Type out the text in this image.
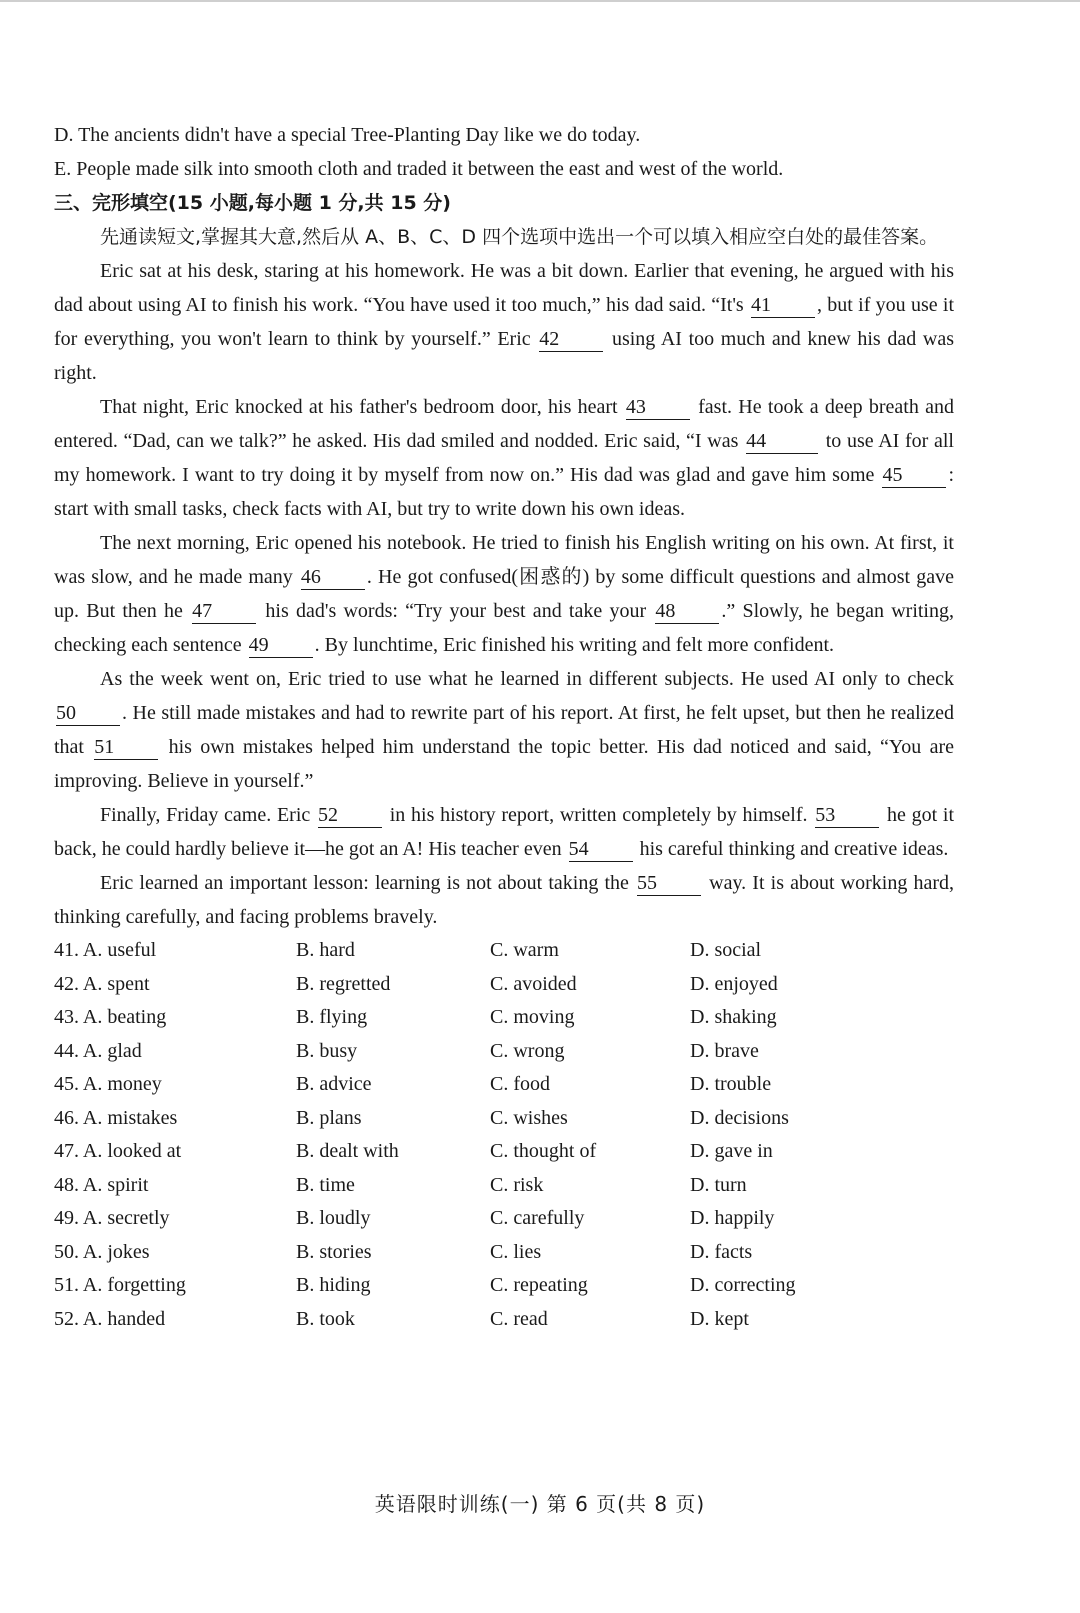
D. The ancients didn't have a special Tree-Planting Day like we do today.
E. People made silk into smooth cloth and traded it between the east and west of the world.
三、完形填空(15 小题,每小题 1 分,共 15 分)

先通读短文,掌握其大意,然后从 A、B、C、D 四个选项中选出一个可以填入相应空白处的最佳答案。

Eric sat at his desk, staring at his homework. He was a bit down. Earlier that evening, he argued with his dad about using AI to finish his work. “You have used it too much,” his dad said. “It's 41 , but if you use it for everything, you won't learn to think by yourself.” Eric 42 using AI too much and knew his dad was right.

That night, Eric knocked at his father's bedroom door, his heart 43 fast. He took a deep breath and entered. “Dad, can we talk?” he asked. His dad smiled and nodded. Eric said, “I was 44	to use AI for all my homework. I want to try doing it by myself from now on.” His dad was glad and gave him some 45 : start with small tasks, check facts with AI, but try to write down his own ideas.

The next morning, Eric opened his notebook. He tried to finish his English writing on his own. At first, it was slow, and he made many 46 . He got confused(困惑的) by some difficult questions and almost gave up. But then he 47 his dad's words: “Try your best and take your 48 .” Slowly, he began writing, checking each sentence 49 . By lunchtime, Eric finished his writing and felt more confident.

As the week went on, Eric tried to use what he learned in different subjects. He used AI only to check 50 . He still made mistakes and had to rewrite part of his report. At first, he felt upset, but then he realized that 51 his own mistakes helped him understand the topic better. His dad noticed and said, “You are improving. Believe in yourself.”

Finally, Friday came. Eric 52 in his history report, written completely by himself. 53 he got it back, he could hardly believe it—he got an A! His teacher even 54 his careful thinking and creative ideas.

Eric learned an important lesson: learning is not about taking the 55 way. It is about working hard, thinking carefully, and facing problems bravely.

41. A. useful	B. hard	C. warm	D. social
42. A. spent	B. regretted	C. avoided	D. enjoyed
43. A. beating	B. flying	C. moving	D. shaking
44. A. glad	B. busy	C. wrong	D. brave
45. A. money	B. advice	C. food	D. trouble
46. A. mistakes	B. plans	C. wishes	D. decisions
47. A. looked at	B. dealt with	C. thought of	D. gave in
48. A. spirit	B. time	C. risk	D. turn
49. A. secretly	B. loudly	C. carefully	D. happily
50. A. jokes	B. stories	C. lies	D. facts
51. A. forgetting	B. hiding	C. repeating	D. correcting
52. A. handed	B. took	C. read	D. kept
英语限时训练(一) 第 6 页(共 8 页)
